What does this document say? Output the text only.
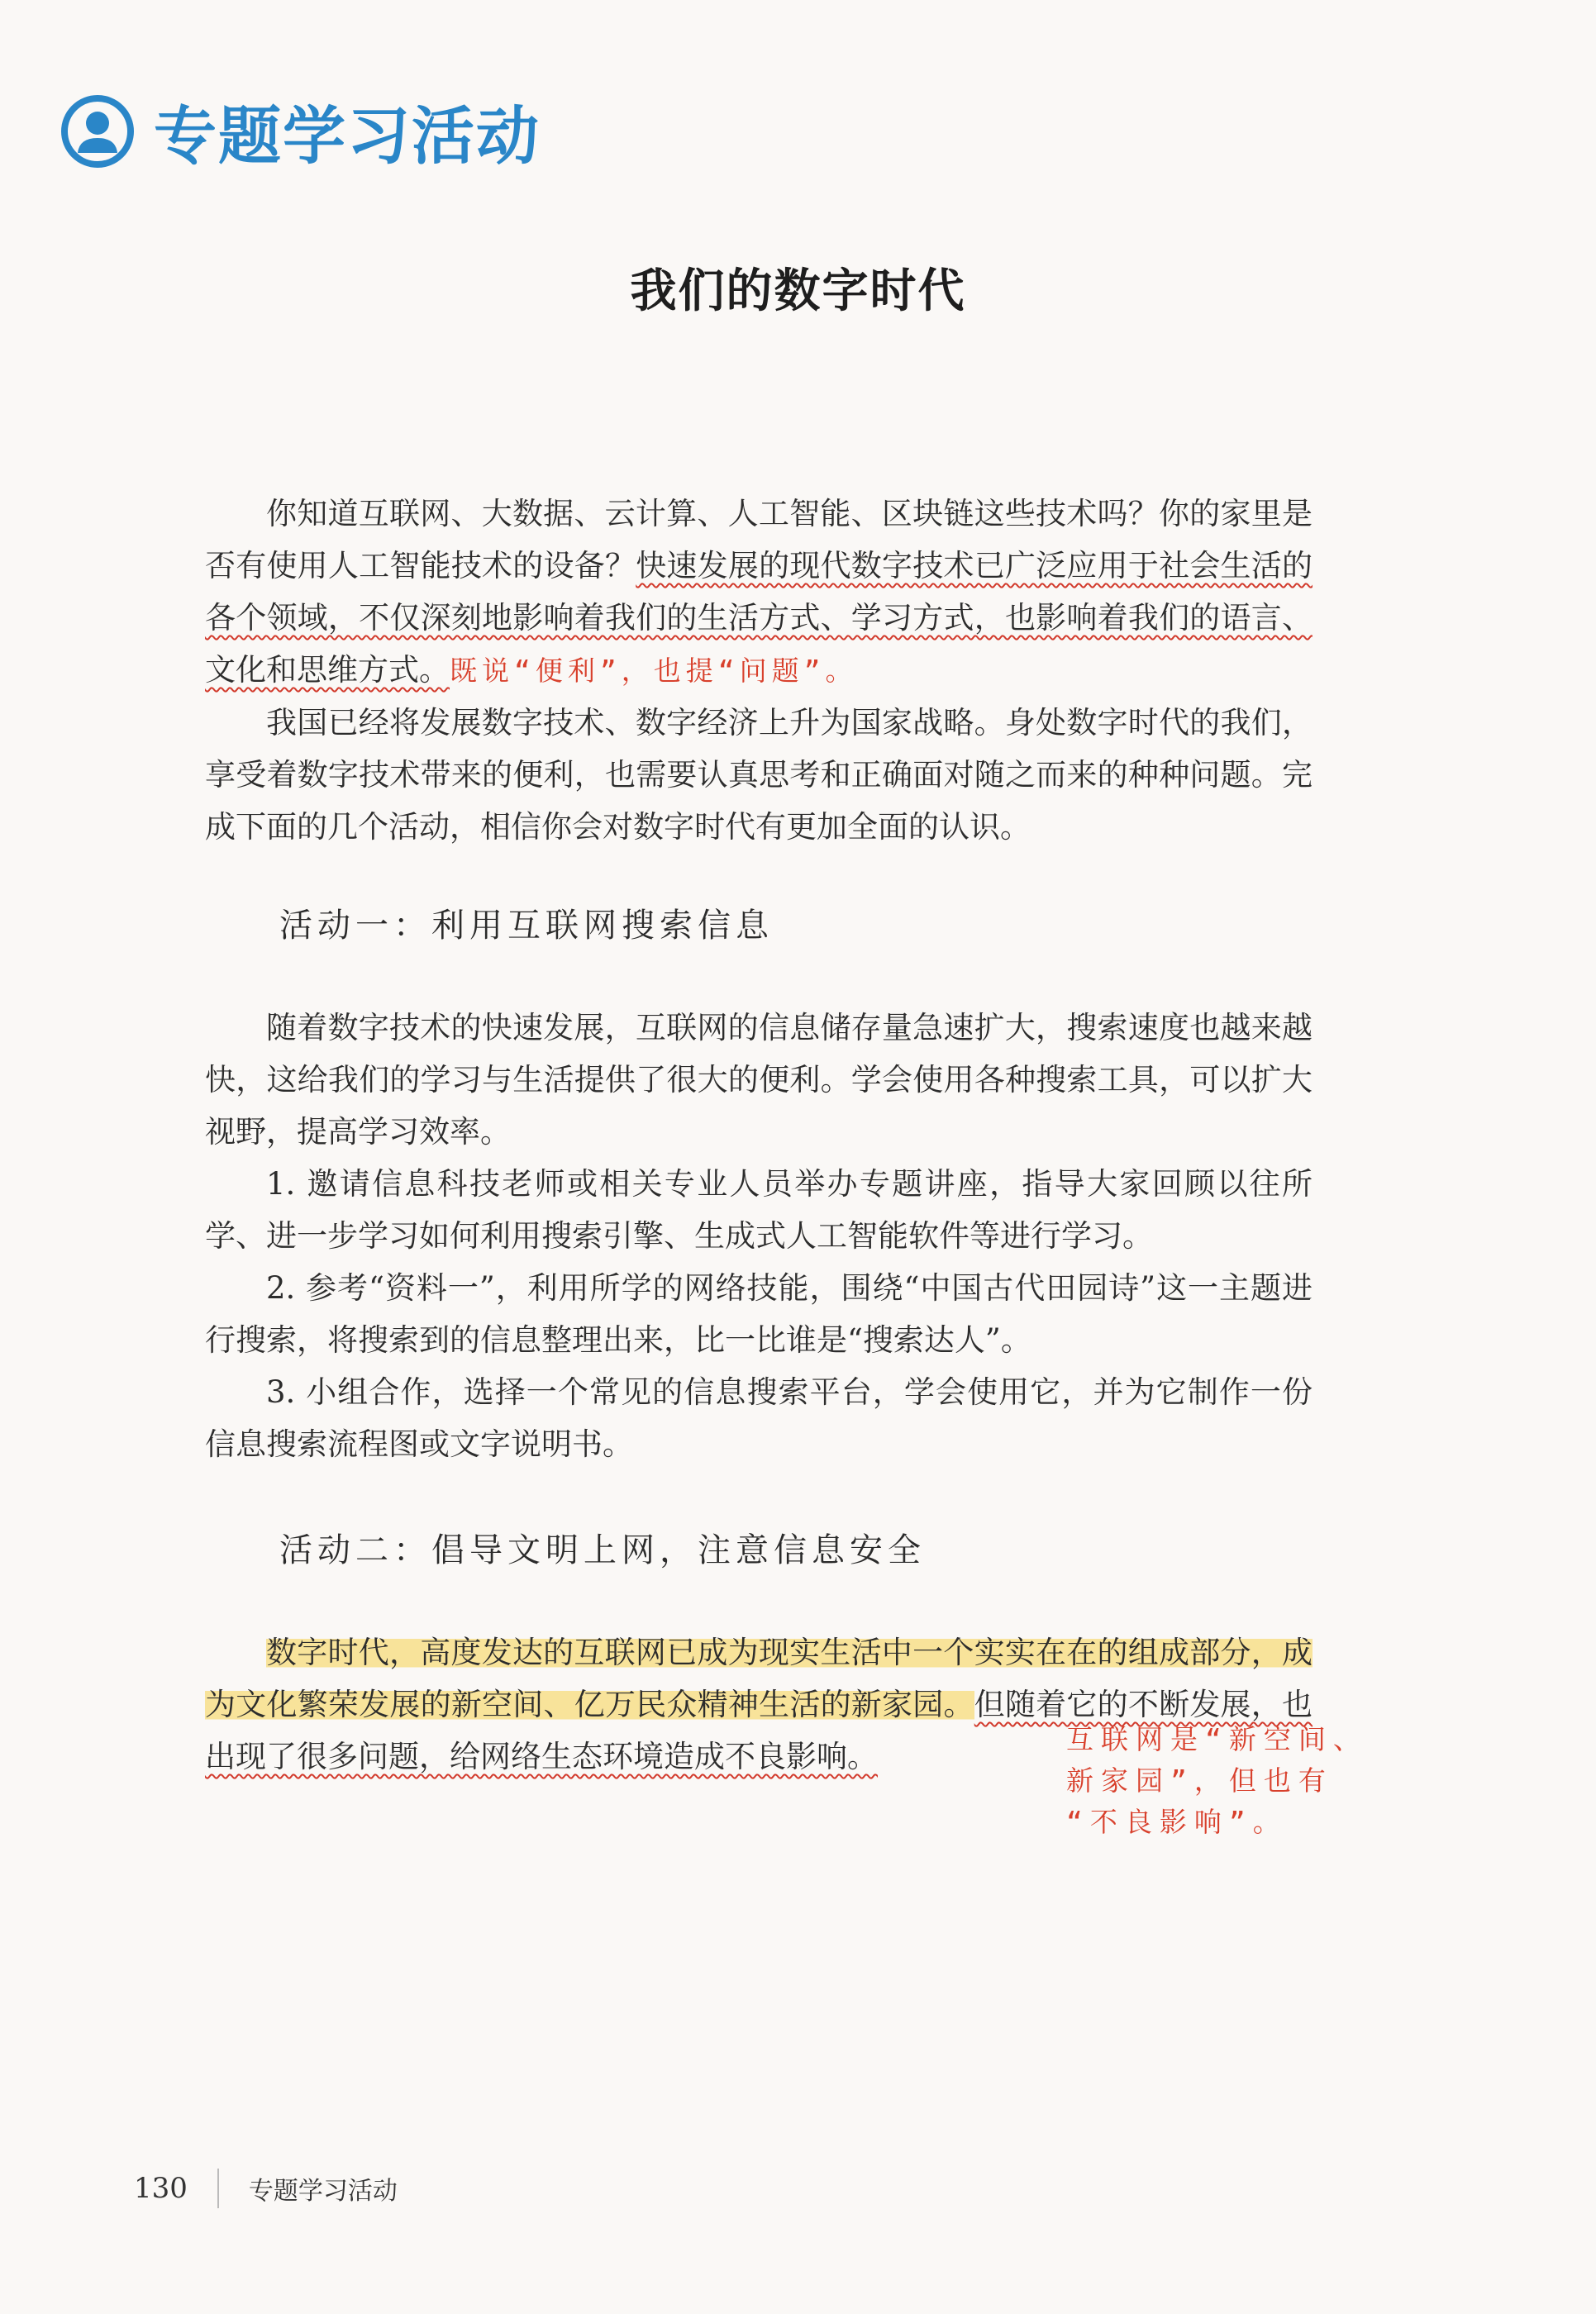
专题学习活动
我们的数字时代

你知道互联网、大数据、云计算、人工智能、区块链这些技术吗？你的家里是否有使用人工智能技术的设备？快速发展的现代数字技术已广泛应用于社会生活的各个领域，不仅深刻地影响着我们的生活方式、学习方式，也影响着我们的语言、文化和思维方式。既说“便利”，也提“问题”。

我国已经将发展数字技术、数字经济上升为国家战略。身处数字时代的我们，享受着数字技术带来的便利，也需要认真思考和正确面对随之而来的种种问题。完成下面的几个活动，相信你会对数字时代有更加全面的认识。

活动一：利用互联网搜索信息

随着数字技术的快速发展，互联网的信息储存量急速扩大，搜索速度也越来越快，这给我们的学习与生活提供了很大的便利。学会使用各种搜索工具，可以扩大视野，提高学习效率。

1. 邀请信息科技老师或相关专业人员举办专题讲座，指导大家回顾以往所学、进一步学习如何利用搜索引擎、生成式人工智能软件等进行学习。

2. 参考“资料一”，利用所学的网络技能，围绕“中国古代田园诗”这一主题进行搜索，将搜索到的信息整理出来，比一比谁是“搜索达人”。

3. 小组合作，选择一个常见的信息搜索平台，学会使用它，并为它制作一份信息搜索流程图或文字说明书。

活动二：倡导文明上网，注意信息安全

数字时代，高度发达的互联网已成为现实生活中一个实实在在的组成部分，成为文化繁荣发展的新空间、亿万民众精神生活的新家园。但随着它的不断发展，也出现了很多问题，给网络生态环境造成不良影响。	互联网是“新空间、
新家园”，但也有
“不良影响”。
130 专题学习活动
